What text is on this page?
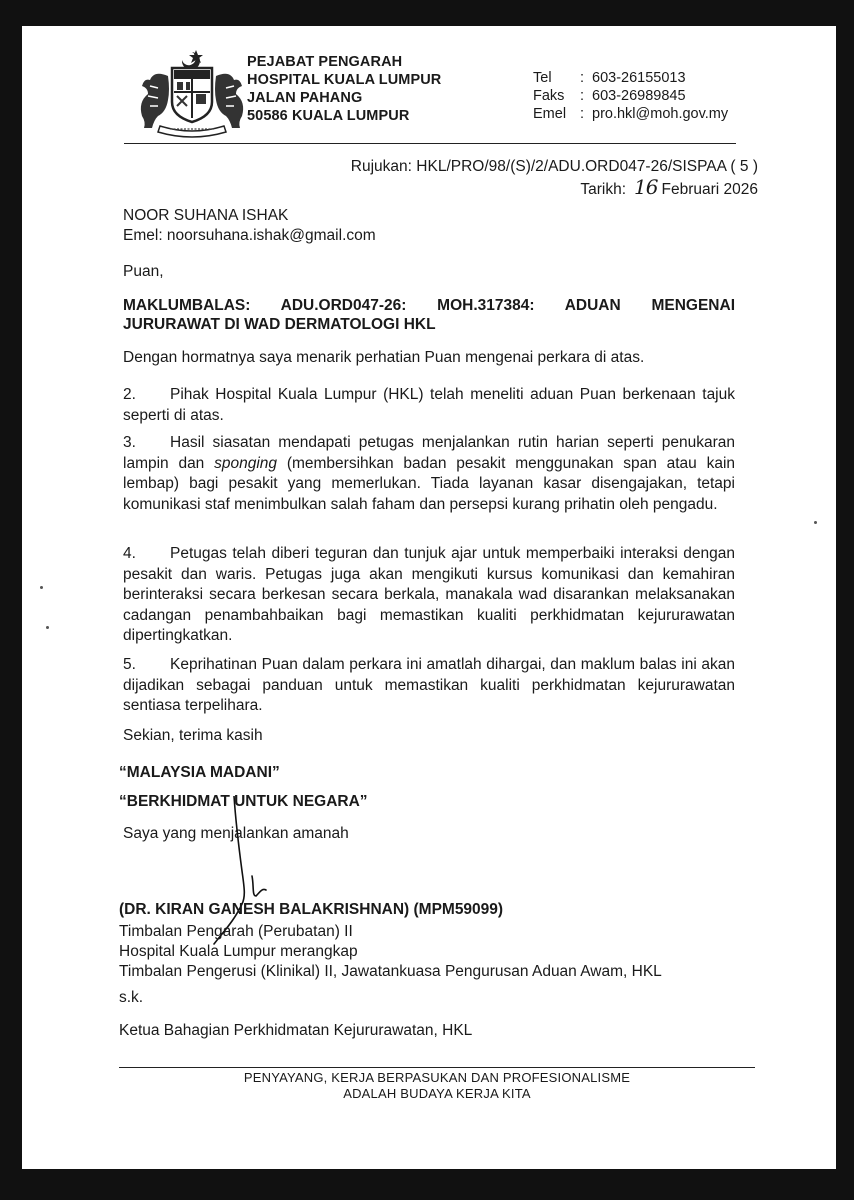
PEJABAT PENGARAH
HOSPITAL KUALA LUMPUR
JALAN PAHANG
50586 KUALA LUMPUR
Tel	: 603-26155013
Faks	: 603-26989845
Emel : pro.hkl@moh.gov.my
Rujukan: HKL/PRO/98/(S)/2/ADU.ORD047-26/SISPAA ( 5 )
Tarikh: 16 Februari 2026
NOOR SUHANA ISHAK
Emel: noorsuhana.ishak@gmail.com
Puan,
MAKLUMBALAS: ADU.ORD047-26: MOH.317384: ADUAN MENGENAI
JURURAWAT DI WAD DERMATOLOGI HKL
Dengan hormatnya saya menarik perhatian Puan mengenai perkara di atas.
2. Pihak Hospital Kuala Lumpur (HKL) telah meneliti aduan Puan berkenaan tajuk seperti di atas.
3. Hasil siasatan mendapati petugas menjalankan rutin harian seperti penukaran lampin dan sponging (membersihkan badan pesakit menggunakan span atau kain lembap) bagi pesakit yang memerlukan. Tiada layanan kasar disengajakan, tetapi komunikasi staf menimbulkan salah faham dan persepsi kurang prihatin oleh pengadu.
4. Petugas telah diberi teguran dan tunjuk ajar untuk memperbaiki interaksi dengan pesakit dan waris. Petugas juga akan mengikuti kursus komunikasi dan kemahiran berinteraksi secara berkesan secara berkala, manakala wad disarankan melaksanakan cadangan penambahbaikan bagi memastikan kualiti perkhidmatan kejururawatan dipertingkatkan.
5. Keprihatinan Puan dalam perkara ini amatlah dihargai, dan maklum balas ini akan dijadikan sebagai panduan untuk memastikan kualiti perkhidmatan kejururawatan sentiasa terpelihara.
Sekian, terima kasih
“MALAYSIA MADANI”
“BERKHIDMAT UNTUK NEGARA”
Saya yang menjalankan amanah
(DR. KIRAN GANESH BALAKRISHNAN) (MPM59099)
Timbalan Pengarah (Perubatan) II
Hospital Kuala Lumpur merangkap
Timbalan Pengerusi (Klinikal) II, Jawatankuasa Pengurusan Aduan Awam, HKL
s.k.
Ketua Bahagian Perkhidmatan Kejururawatan, HKL
PENYAYANG, KERJA BERPASUKAN DAN PROFESIONALISME
ADALAH BUDAYA KERJA KITA
